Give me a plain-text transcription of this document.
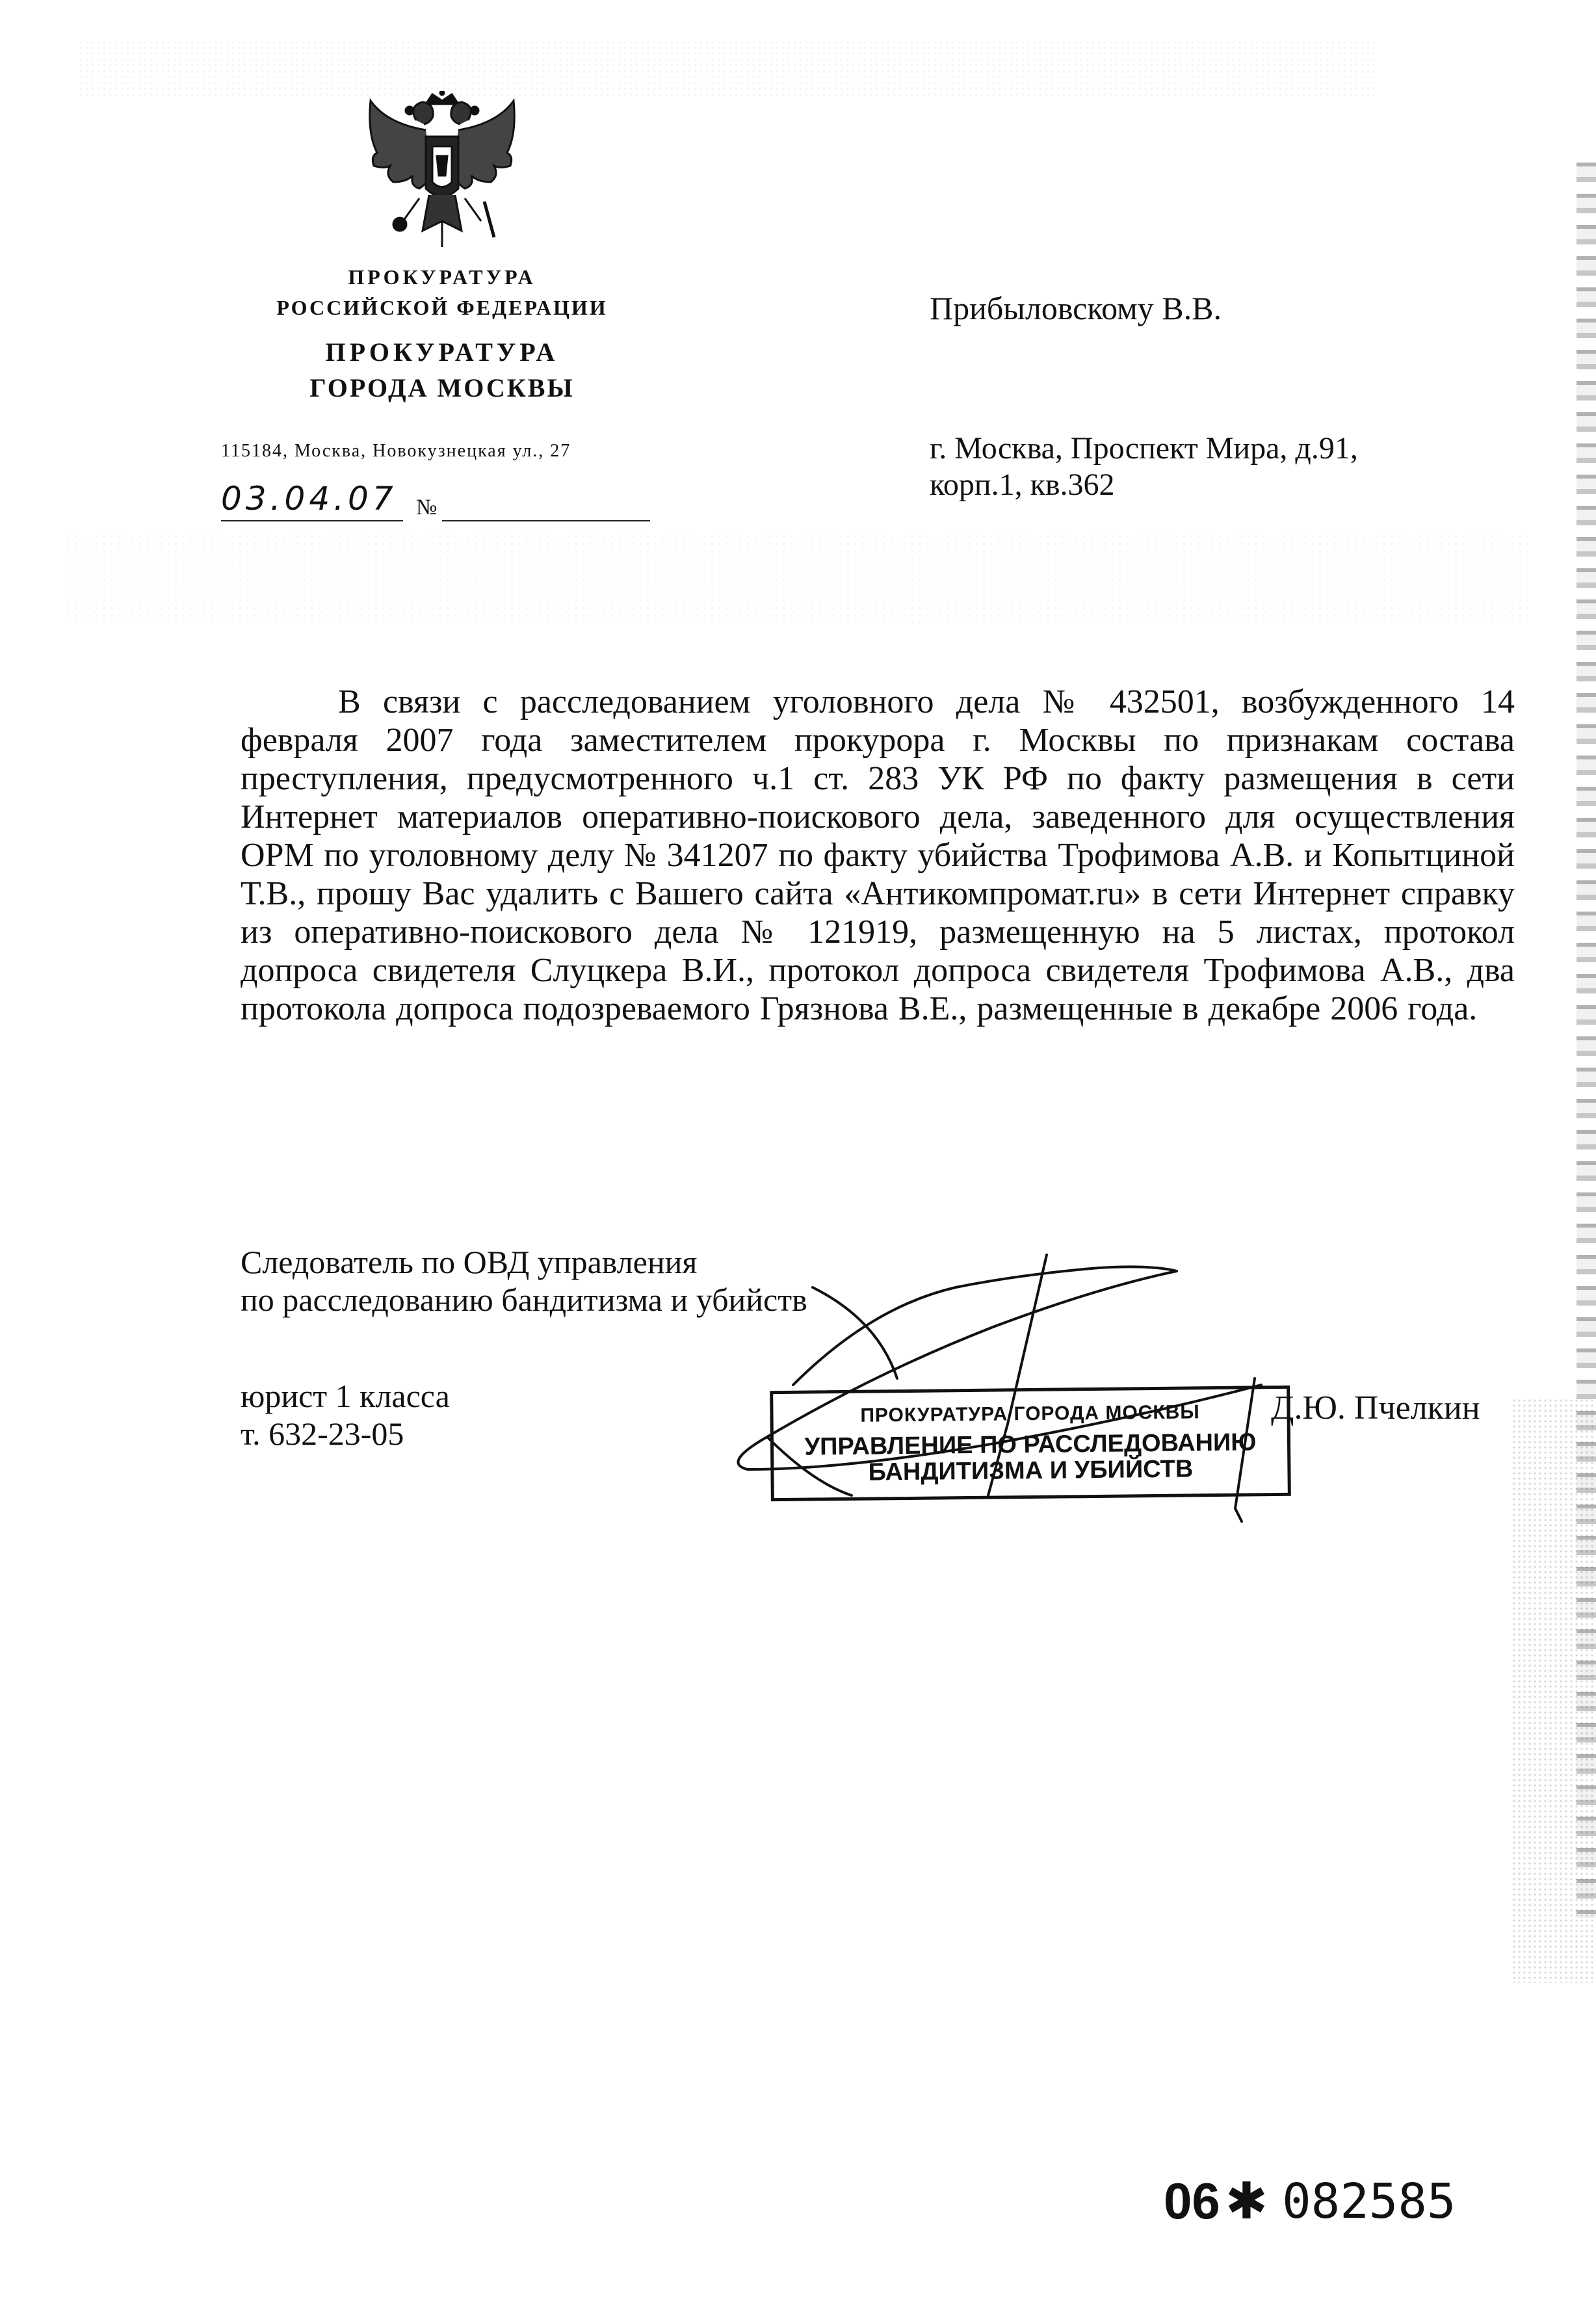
ПРОКУРАТУРА
РОССИЙСКОЙ ФЕДЕРАЦИИ
ПРОКУРАТУРА
ГОРОДА МОСКВЫ
115184, Москва, Новокузнецкая ул., 27
03.04.07 №
Прибыловскому В.В.
г. Москва, Проспект Мира, д.91,
корп.1, кв.362
В связи с расследованием уголовного дела № 432501, возбужденного 14 февраля 2007 года заместителем прокурора г. Москвы по признакам состава преступления, предусмотренного ч.1 ст. 283 УК РФ по факту размещения в сети Интернет материалов оперативно-поискового дела, заведенного для осуществления ОРМ по уголовному делу № 341207 по факту убийства Трофимова А.В. и Копытциной Т.В., прошу Вас удалить с Вашего сайта «Антикомпромат.ru» в сети Интернет справку из оперативно-поискового дела № 121919, размещенную на 5 листах, протокол допроса свидетеля Слуцкера В.И., протокол допроса свидетеля Трофимова А.В., два протокола допроса подозреваемого Грязнова В.Е., размещенные в декабре 2006 года.
Следователь по ОВД управления
по расследованию бандитизма и убийств
юрист 1 класса
т. 632-23-05
ПРОКУРАТУРА ГОРОДА МОСКВЫ
УПРАВЛЕНИЕ ПО РАССЛЕДОВАНИЮ
БАНДИТИЗМА И УБИЙСТВ
Д.Ю. Пчелкин
06 ✱ 082585
